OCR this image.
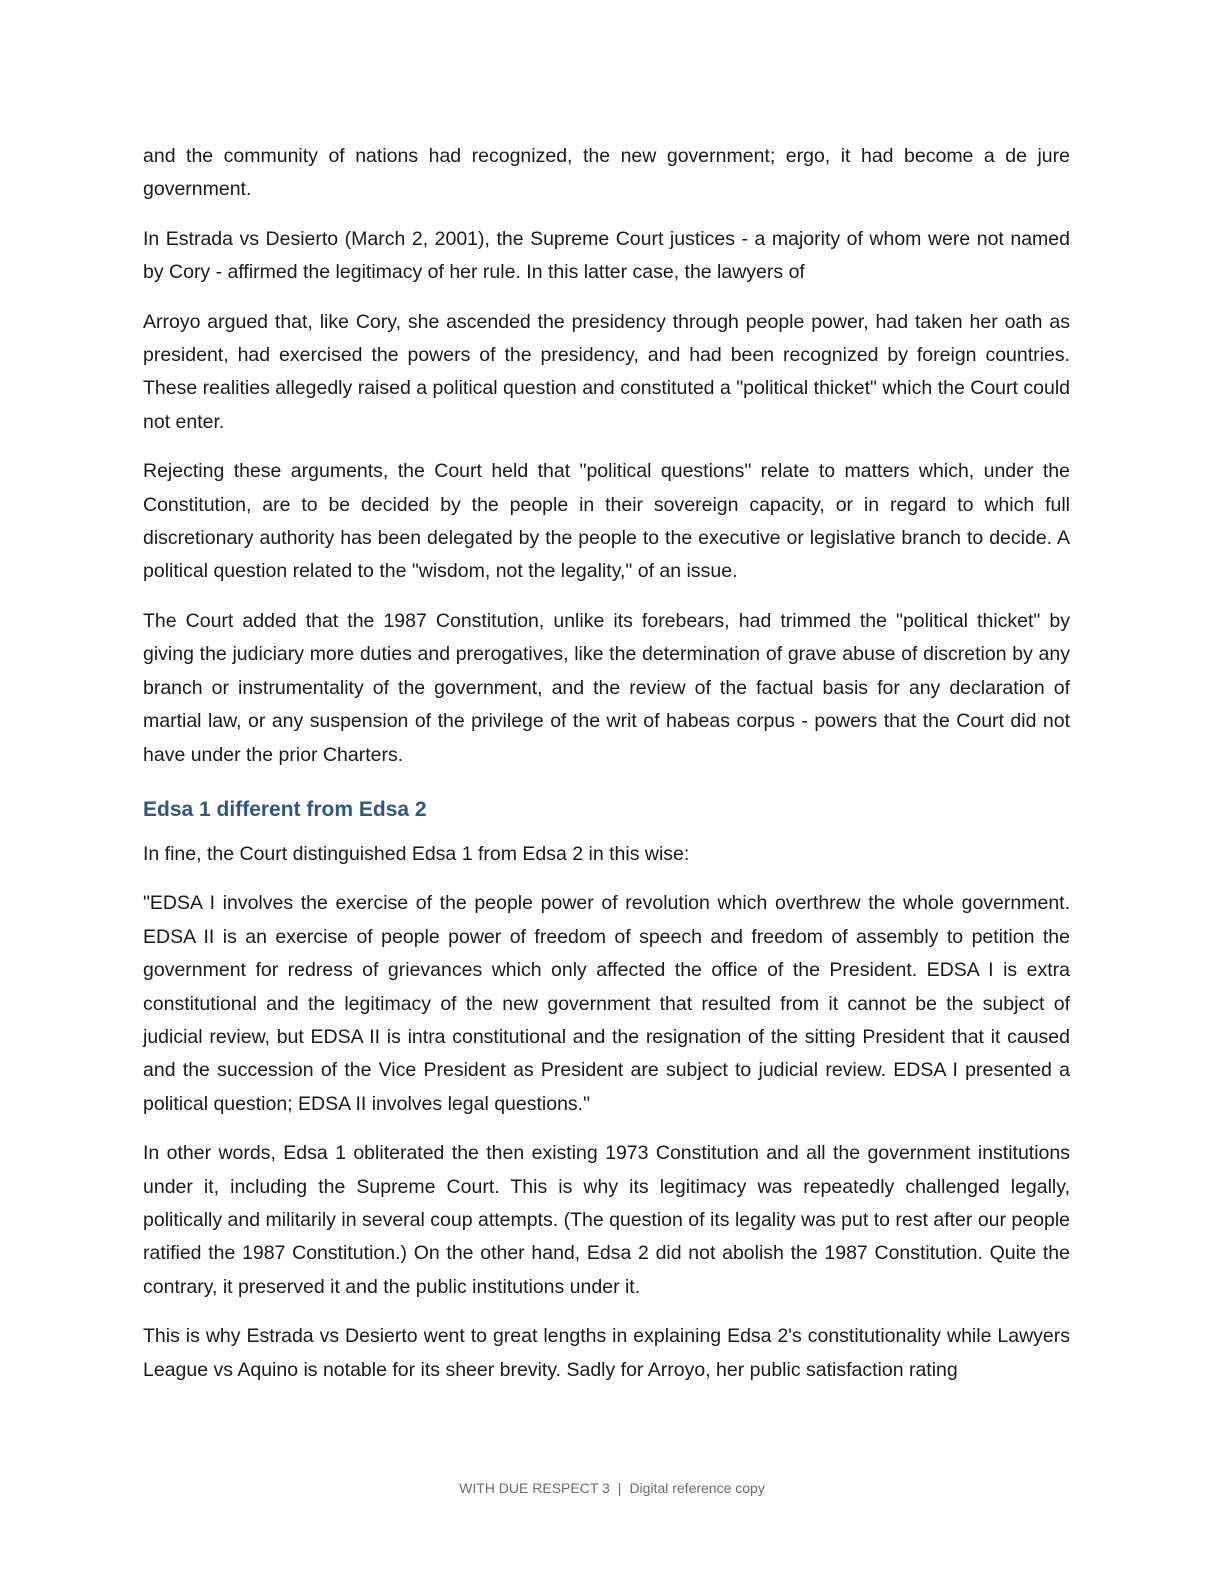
and the community of nations had recognized, the new government; ergo, it had become a de jure government.

In Estrada vs Desierto (March 2, 2001), the Supreme Court justices - a majority of whom were not named by Cory - affirmed the legitimacy of her rule. In this latter case, the lawyers of

Arroyo argued that, like Cory, she ascended the presidency through people power, had taken her oath as president, had exercised the powers of the presidency, and had been recognized by foreign countries. These realities allegedly raised a political question and constituted a "political thicket" which the Court could not enter.

Rejecting these arguments, the Court held that "political questions" relate to matters which, under the Constitution, are to be decided by the people in their sovereign capacity, or in regard to which full discretionary authority has been delegated by the people to the executive or legislative branch to decide. A political question related to the "wisdom, not the legality," of an issue.

The Court added that the 1987 Constitution, unlike its forebears, had trimmed the "political thicket" by giving the judiciary more duties and prerogatives, like the determination of grave abuse of discretion by any branch or instrumentality of the government, and the review of the factual basis for any declaration of martial law, or any suspension of the privilege of the writ of habeas corpus - powers that the Court did not have under the prior Charters.

Edsa 1 different from Edsa 2

In fine, the Court distinguished Edsa 1 from Edsa 2 in this wise:

"EDSA I involves the exercise of the people power of revolution which overthrew the whole government. EDSA II is an exercise of people power of freedom of speech and freedom of assembly to petition the government for redress of grievances which only affected the office of the President. EDSA I is extra constitutional and the legitimacy of the new government that resulted from it cannot be the subject of judicial review, but EDSA II is intra constitutional and the resignation of the sitting President that it caused and the succession of the Vice President as President are subject to judicial review. EDSA I presented a political question; EDSA II involves legal questions."

In other words, Edsa 1 obliterated the then existing 1973 Constitution and all the government institutions under it, including the Supreme Court. This is why its legitimacy was repeatedly challenged legally, politically and militarily in several coup attempts. (The question of its legality was put to rest after our people ratified the 1987 Constitution.) On the other hand, Edsa 2 did not abolish the 1987 Constitution. Quite the contrary, it preserved it and the public institutions under it.

This is why Estrada vs Desierto went to great lengths in explaining Edsa 2's constitutionality while Lawyers League vs Aquino is notable for its sheer brevity. Sadly for Arroyo, her public satisfaction rating

WITH DUE RESPECT 3 | Digital reference copy
